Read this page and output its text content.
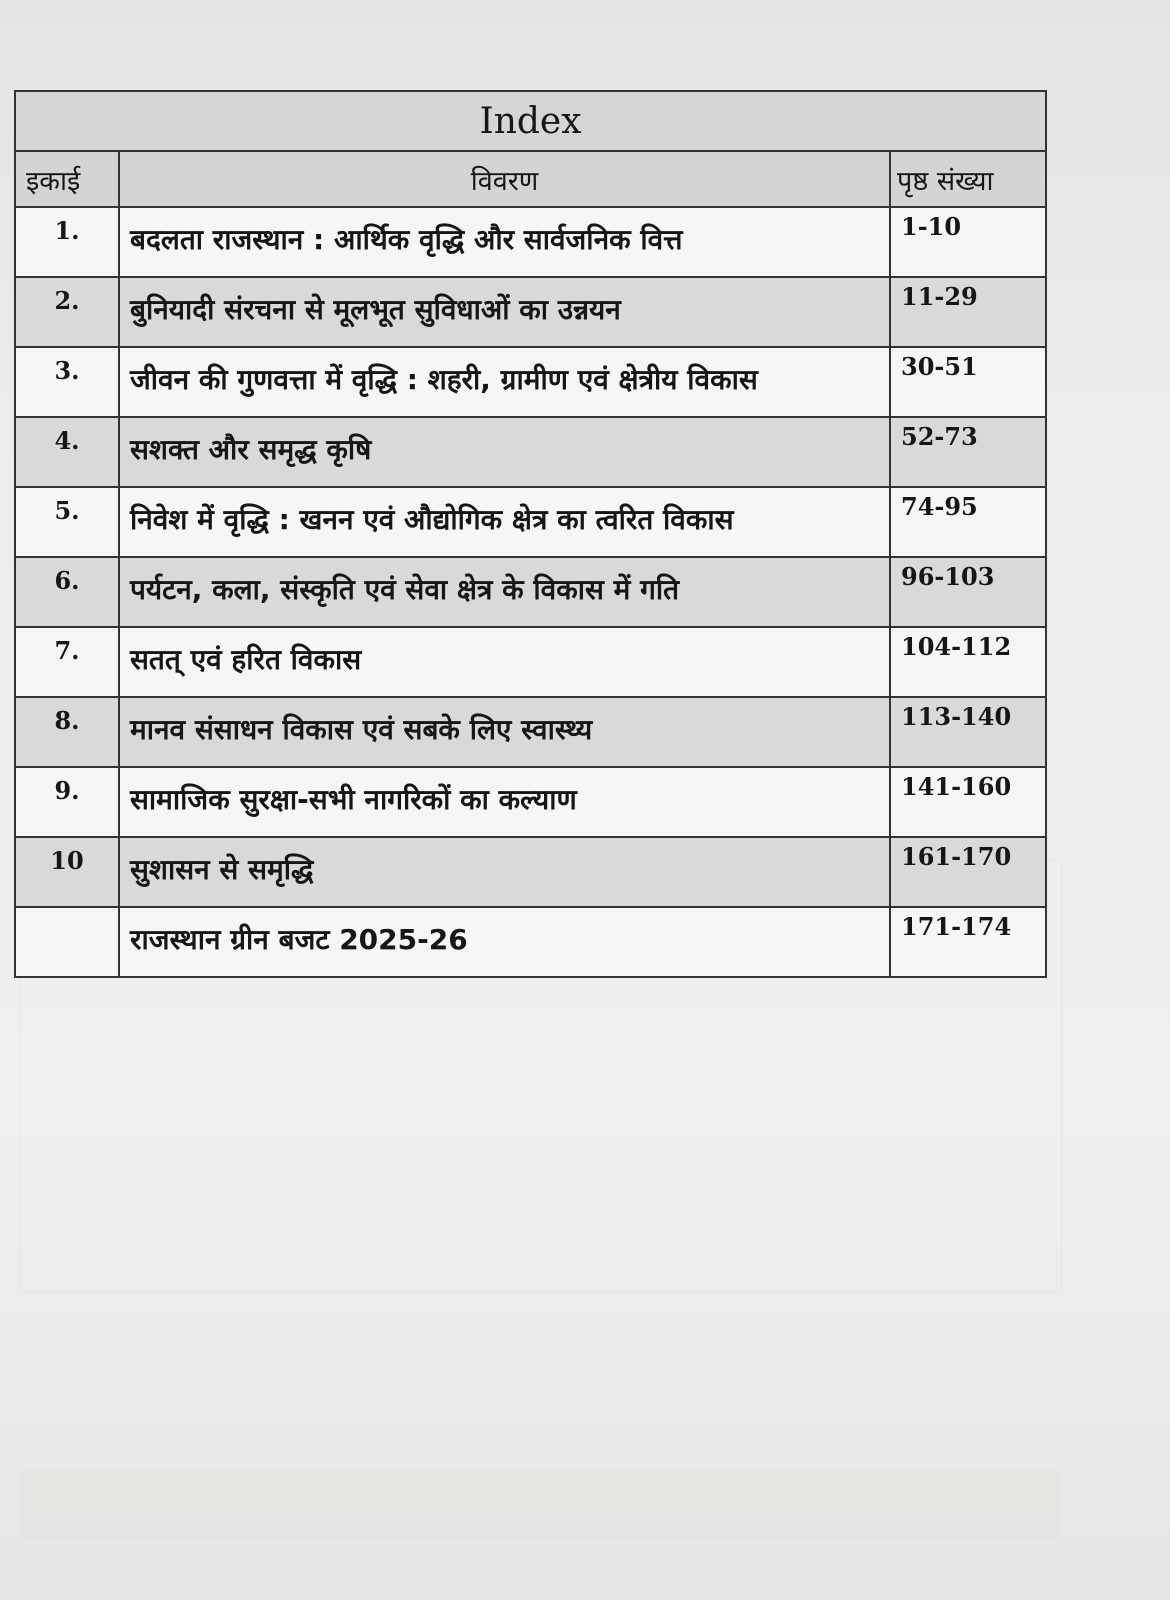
Index		
इकाई	विवरण	पृष्ठ संख्या
1.	बदलता राजस्थान : आर्थिक वृद्धि और सार्वजनिक वित्त	1-10
2.	बुनियादी संरचना से मूलभूत सुविधाओं का उन्नयन	11-29
3.	जीवन की गुणवत्ता में वृद्धि : शहरी, ग्रामीण एवं क्षेत्रीय विकास	30-51
4.	सशक्त और समृद्ध कृषि	52-73
5.	निवेश में वृद्धि : खनन एवं औद्योगिक क्षेत्र का त्वरित विकास	74-95
6.	पर्यटन, कला, संस्कृति एवं सेवा क्षेत्र के विकास में गति	96-103
7.	सतत् एवं हरित विकास	104-112
8.	मानव संसाधन विकास एवं सबके लिए स्वास्थ्य	113-140
9.	सामाजिक सुरक्षा-सभी नागरिकों का कल्याण	141-160
10	सुशासन से समृद्धि	161-170
	राजस्थान ग्रीन बजट 2025-26	171-174
